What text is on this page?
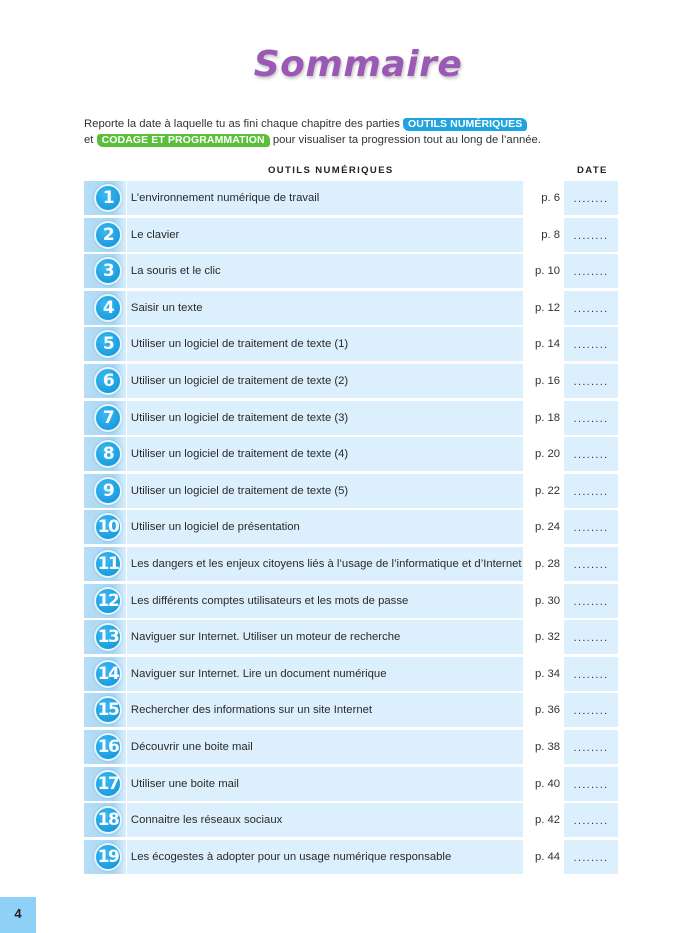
Sommaire
Reporte la date à laquelle tu as fini chaque chapitre des parties OUTILS NUMÉRIQUES
et CODAGE ET PROGRAMMATION pour visualiser ta progression tout au long de l’année.
OUTILS NUMÉRIQUES	DATE
1	L’environnement numérique de travail	p. 6	........
2	Le clavier	p. 8	........
3	La souris et le clic	p. 10	........
4	Saisir un texte	p. 12	........
5	Utiliser un logiciel de traitement de texte (1)	p. 14	........
6	Utiliser un logiciel de traitement de texte (2)	p. 16	........
7	Utiliser un logiciel de traitement de texte (3)	p. 18	........
8	Utiliser un logiciel de traitement de texte (4)	p. 20	........
9	Utiliser un logiciel de traitement de texte (5)	p. 22	........
10	Utiliser un logiciel de présentation	p. 24	........
11	Les dangers et les enjeux citoyens liés à l’usage de l’informatique et d’Internet	p. 28	........
12	Les différents comptes utilisateurs et les mots de passe	p. 30	........
13	Naviguer sur Internet. Utiliser un moteur de recherche	p. 32	........
14	Naviguer sur Internet. Lire un document numérique	p. 34	........
15	Rechercher des informations sur un site Internet	p. 36	........
16	Découvrir une boite mail	p. 38	........
17	Utiliser une boite mail	p. 40	........
18	Connaitre les réseaux sociaux	p. 42	........
19	Les écogestes à adopter pour un usage numérique responsable	p. 44	........
4
